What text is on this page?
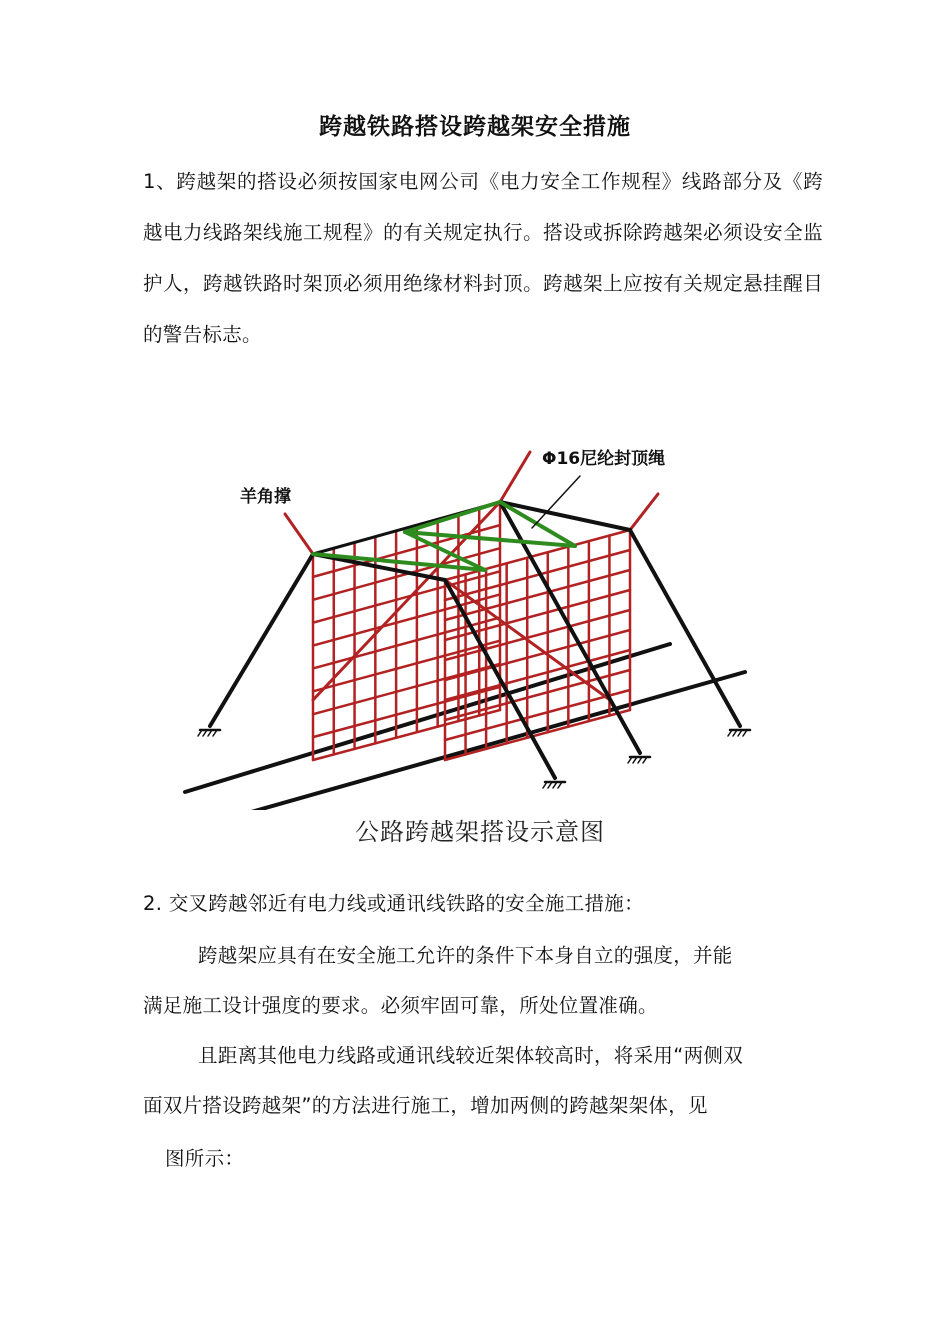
跨越铁路搭设跨越架安全措施

1、跨越架的搭设必须按国家电网公司《电力安全工作规程》线路部分及《跨越电力线路架线施工规程》的有关规定执行。搭设或拆除跨越架必须设安全监护人，跨越铁路时架顶必须用绝缘材料封顶。跨越架上应按有关规定悬挂醒目的警告标志。

羊角撑
Φ16尼纶封顶绳
公路跨越架搭设示意图

2. 交叉跨越邻近有电力线或通讯线铁路的安全施工措施：

跨越架应具有在安全施工允许的条件下本身自立的强度，并能

满足施工设计强度的要求。必须牢固可靠，所处位置准确。

且距离其他电力线路或通讯线较近架体较高时，将采用“两侧双

面双片搭设跨越架”的方法进行施工，增加两侧的跨越架架体，见

图所示：
